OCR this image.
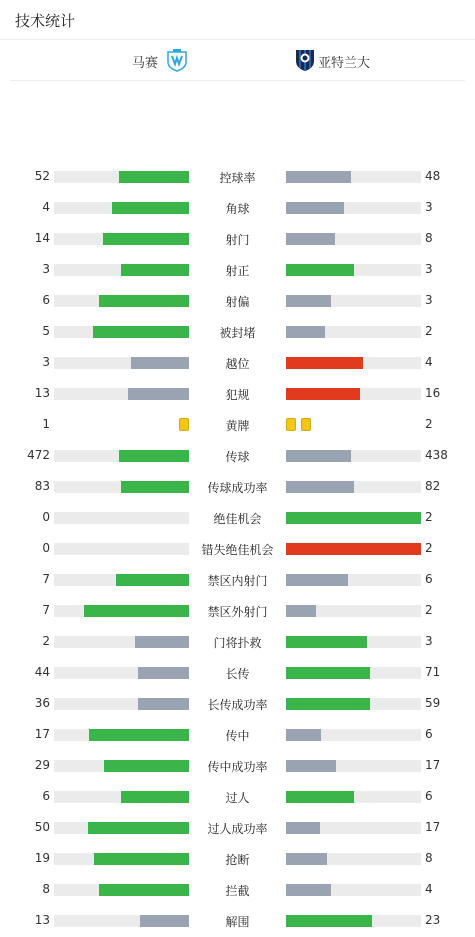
技术统计
马赛	亚特兰大
52	控球率	48
4	角球	3
14	射门	8
3	射正	3
6	射偏	3
5	被封堵	2
3	越位	4
13	犯规	16
1	黄牌	2
472	传球	438
83	传球成功率	82
0	绝佳机会	2
0	错失绝佳机会	2
7	禁区内射门	6
7	禁区外射门	2
2	门将扑救	3
44	长传	71
36	长传成功率	59
17	传中	6
29	传中成功率	17
6	过人	6
50	过人成功率	17
19	抢断	8
8	拦截	4
13	解围	23
